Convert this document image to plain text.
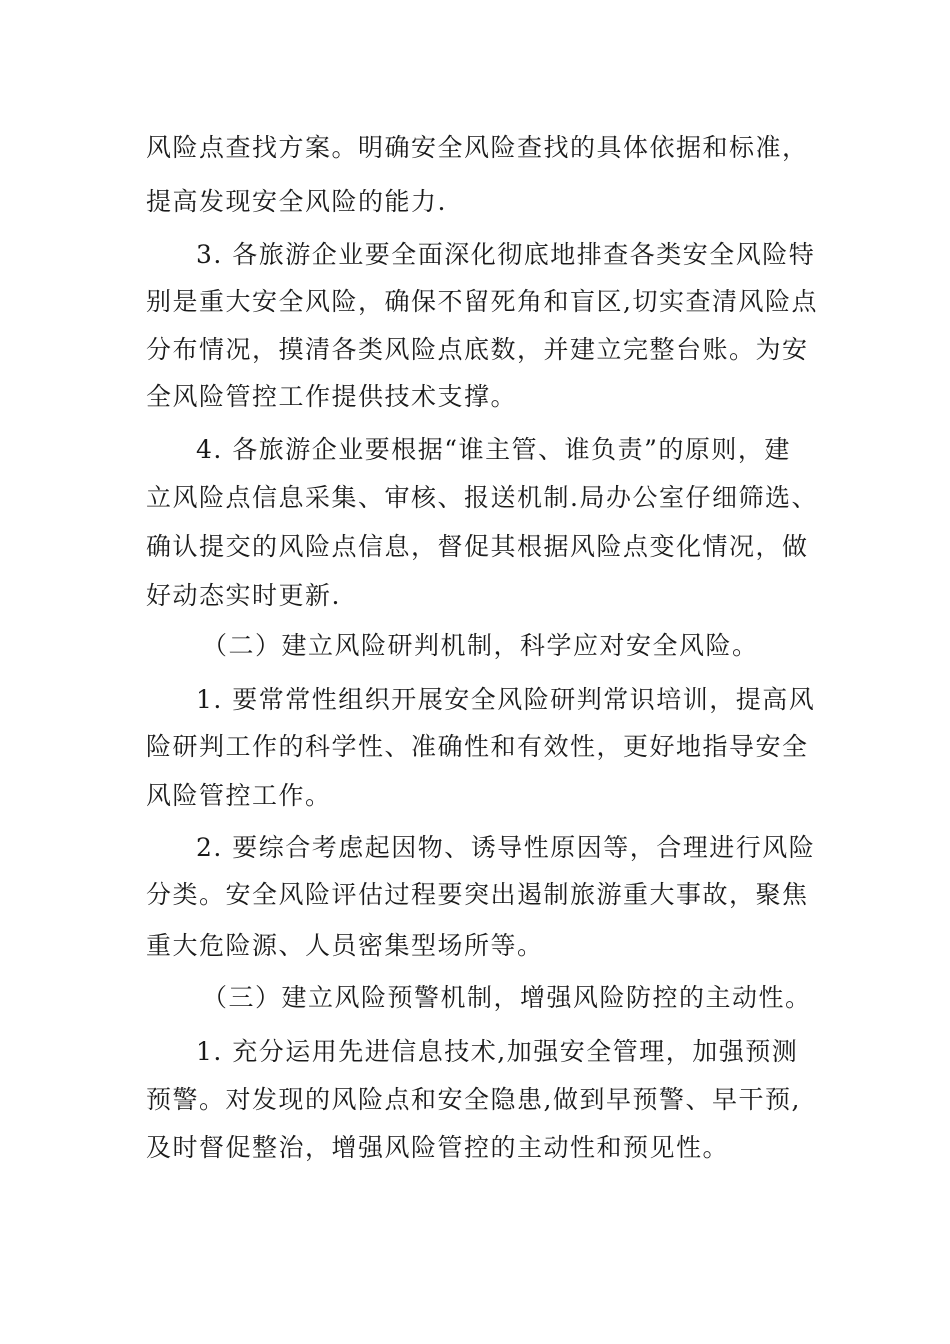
风险点查找方案。明确安全风险查找的具体依据和标准，
提高发现安全风险的能力.
3. 各旅游企业要全面深化彻底地排查各类安全风险特
别是重大安全风险，确保不留死角和盲区,切实查清风险点
分布情况，摸清各类风险点底数，并建立完整台账。为安
全风险管控工作提供技术支撑。
4. 各旅游企业要根据“谁主管、谁负责”的原则，建
立风险点信息采集、审核、报送机制.局办公室仔细筛选、
确认提交的风险点信息，督促其根据风险点变化情况，做
好动态实时更新.
（二）建立风险研判机制，科学应对安全风险。
1. 要常常性组织开展安全风险研判常识培训，提高风
险研判工作的科学性、准确性和有效性，更好地指导安全
风险管控工作。
2. 要综合考虑起因物、诱导性原因等，合理进行风险
分类。安全风险评估过程要突出遏制旅游重大事故，聚焦
重大危险源、人员密集型场所等。
（三）建立风险预警机制，增强风险防控的主动性。
1. 充分运用先进信息技术,加强安全管理，加强预测
预警。对发现的风险点和安全隐患,做到早预警、早干预,
及时督促整治，增强风险管控的主动性和预见性。
